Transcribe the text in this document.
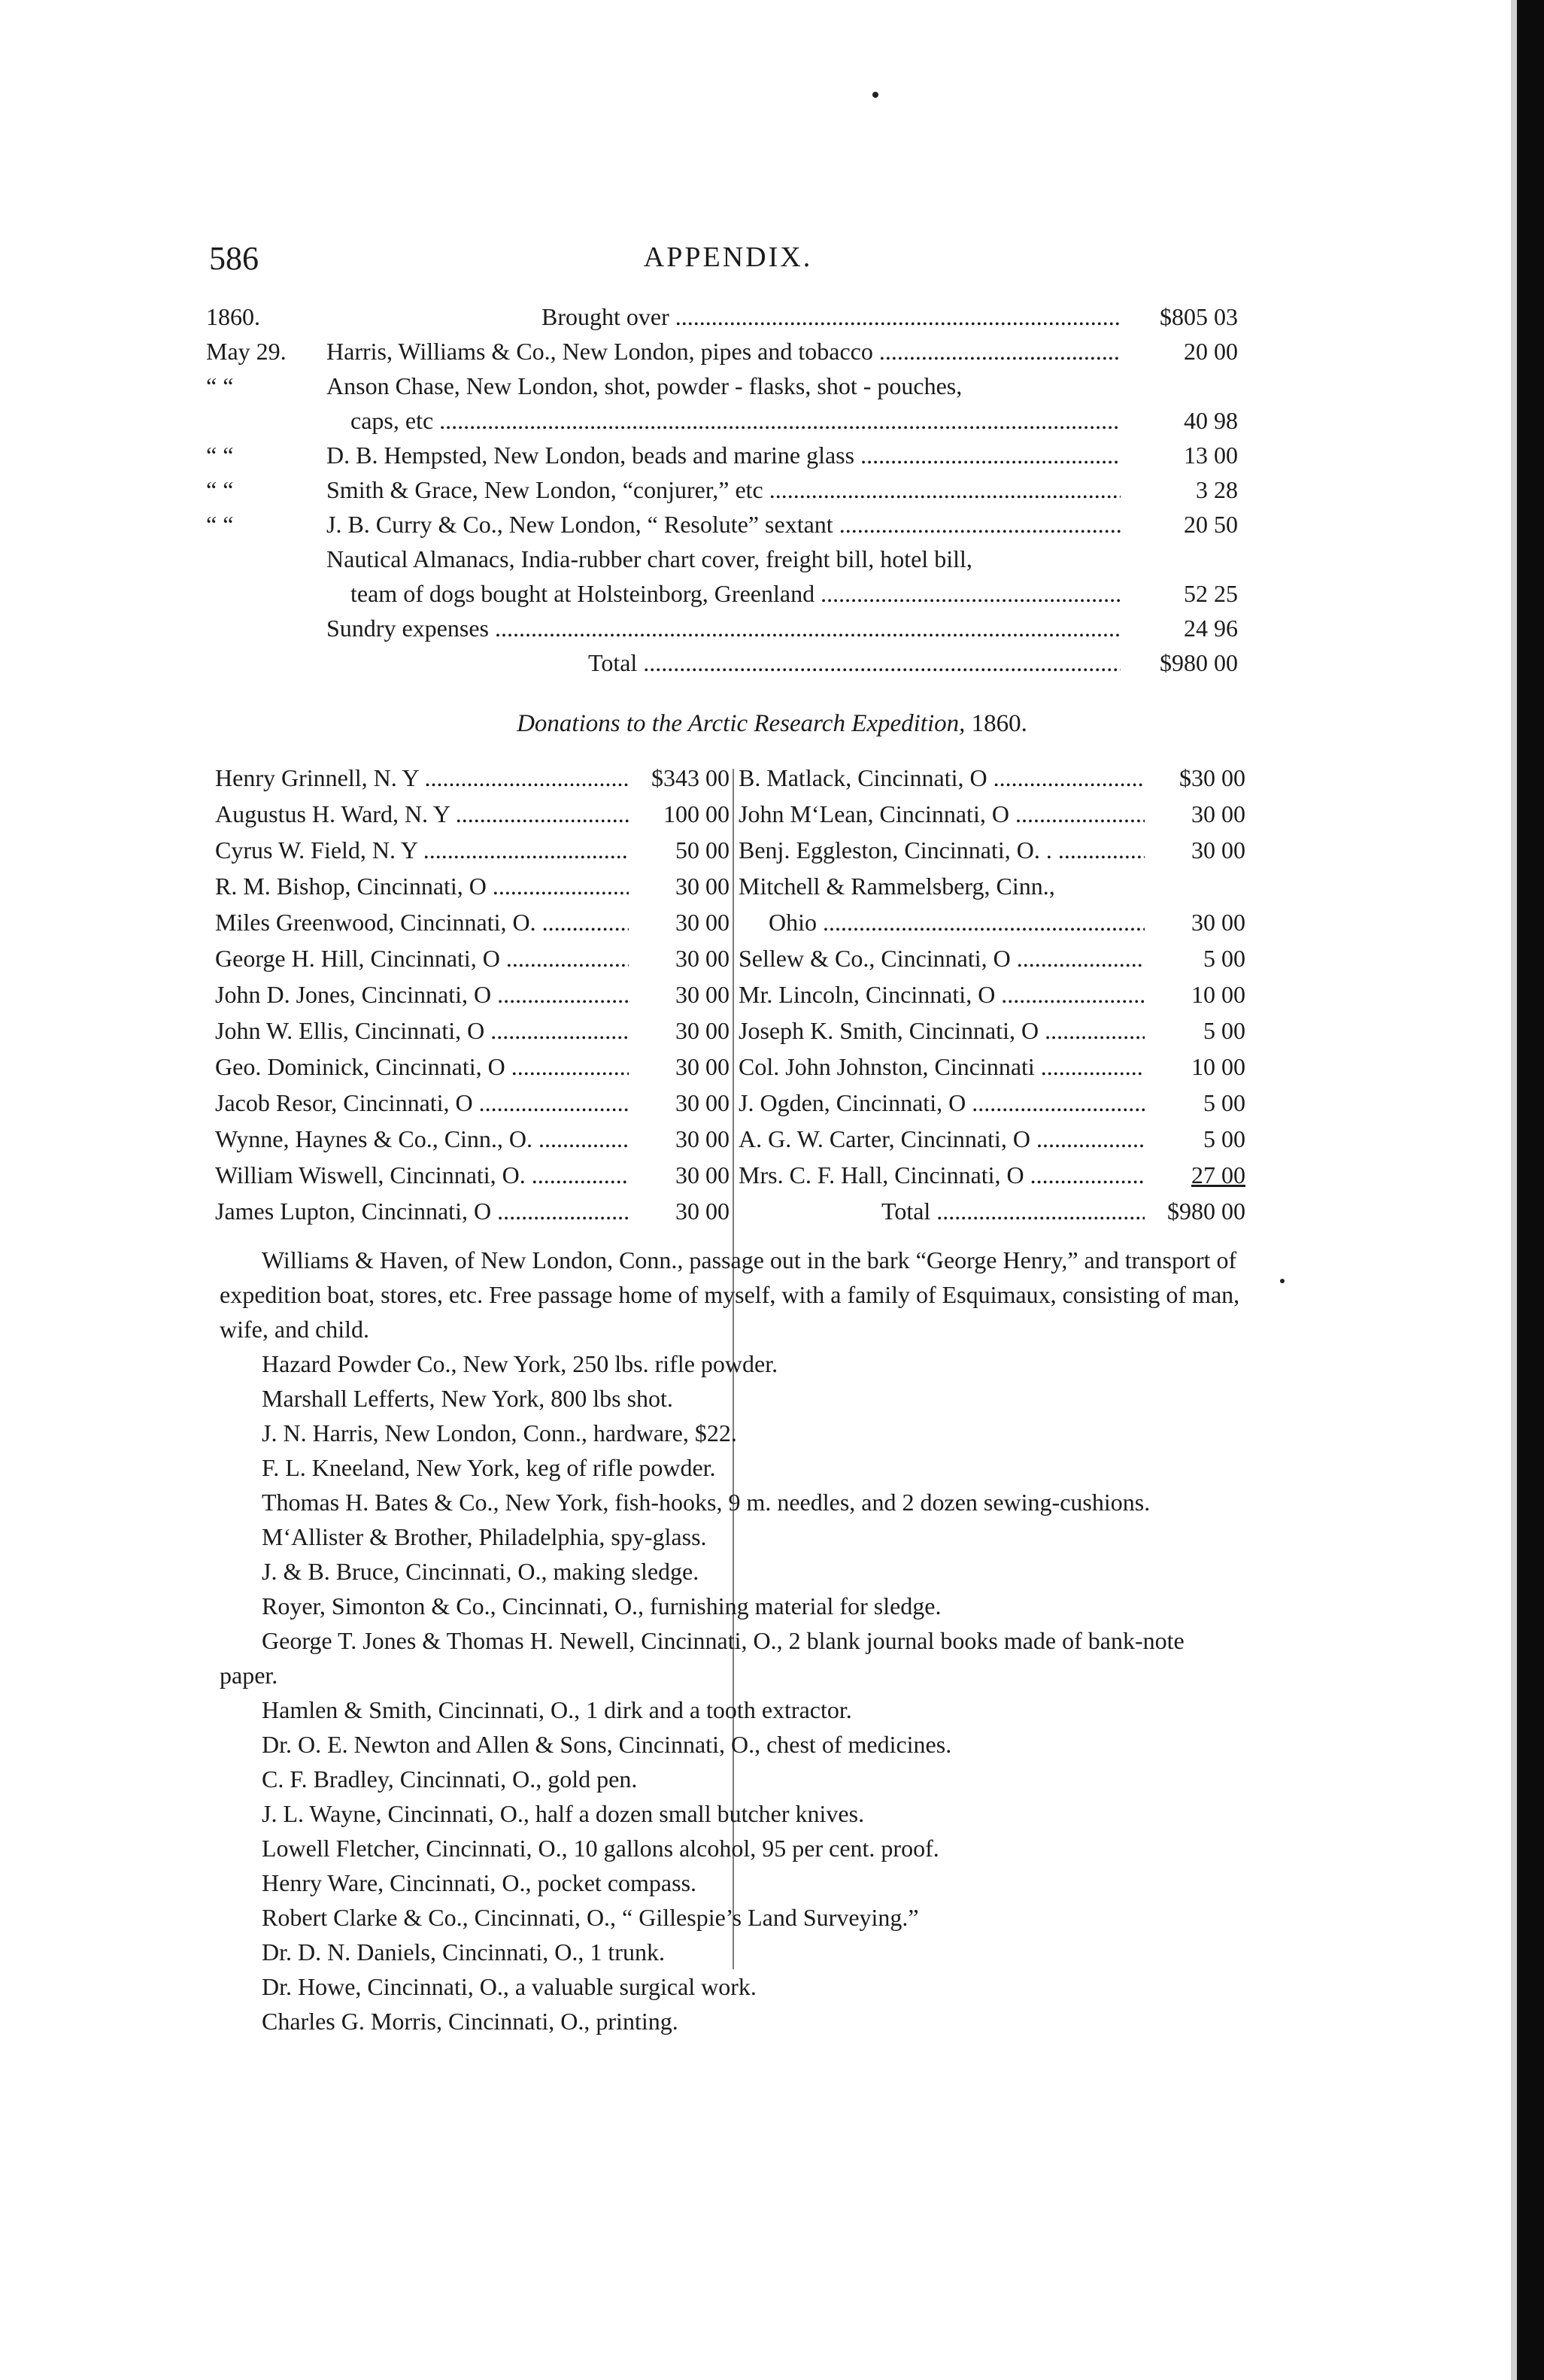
586	APPENDIX.
1860.	Brought over .....	$805 03
May 29. Harris, Williams & Co., New London, pipes and tobacco .....	20 00
“ “	Anson Chase, New London, shot, powder - flasks, shot - pouches,
caps, etc .....	40 98
“ “	D. B. Hempsted, New London, beads and marine glass .....	13 00
“ “	Smith & Grace, New London, “conjurer,” etc .....	3 28
“ “	J. B. Curry & Co., New London, “ Resolute” sextant .....	20 50
Nautical Almanacs, India-rubber chart cover, freight bill, hotel bill,
team of dogs bought at Holsteinborg, Greenland .....	52 25
Sundry expenses .....	24 96
Total .....	$980 00
Donations to the Arctic Research Expedition, 1860.
Henry Grinnell, N. Y .....	$343 00
Augustus H. Ward, N. Y .....	100 00
Cyrus W. Field, N. Y .....	50 00
R. M. Bishop, Cincinnati, O .....	30 00
Miles Greenwood, Cincinnati, O. .....	30 00
George H. Hill, Cincinnati, O .....	30 00
John D. Jones, Cincinnati, O .....	30 00
John W. Ellis, Cincinnati, O .....	30 00
Geo. Dominick, Cincinnati, O .....	30 00
Jacob Resor, Cincinnati, O .....	30 00
Wynne, Haynes & Co., Cinn., O. .....	30 00
William Wiswell, Cincinnati, O. .....	30 00
James Lupton, Cincinnati, O .....	30 00
B. Matlack, Cincinnati, O .....	$30 00
John M‘Lean, Cincinnati, O .....	30 00
Benj. Eggleston, Cincinnati, O. . .....	30 00
Mitchell & Rammelsberg, Cinn.,
Ohio .....	30 00
Sellew & Co., Cincinnati, O .....	5 00
Mr. Lincoln, Cincinnati, O .....	10 00
Joseph K. Smith, Cincinnati, O .....	5 00
Col. John Johnston, Cincinnati .....	10 00
J. Ogden, Cincinnati, O .....	5 00
A. G. W. Carter, Cincinnati, O .....	5 00
Mrs. C. F. Hall, Cincinnati, O .....	27 00
Total .....	$980 00

Williams & Haven, of New London, Conn., passage out in the bark “George Henry,” and transport of expedition boat, stores, etc. Free passage home of myself, with a family of Esquimaux, consisting of man, wife, and child.

Hazard Powder Co., New York, 250 lbs. rifle powder.

Marshall Lefferts, New York, 800 lbs shot.

J. N. Harris, New London, Conn., hardware, $22.

F. L. Kneeland, New York, keg of rifle powder.

Thomas H. Bates & Co., New York, fish-hooks, 9 m. needles, and 2 dozen sewing-cushions.

M‘Allister & Brother, Philadelphia, spy-glass.

J. & B. Bruce, Cincinnati, O., making sledge.

Royer, Simonton & Co., Cincinnati, O., furnishing material for sledge.

George T. Jones & Thomas H. Newell, Cincinnati, O., 2 blank journal books made of bank-note paper.

Hamlen & Smith, Cincinnati, O., 1 dirk and a tooth extractor.

Dr. O. E. Newton and Allen & Sons, Cincinnati, O., chest of medicines.

C. F. Bradley, Cincinnati, O., gold pen.

J. L. Wayne, Cincinnati, O., half a dozen small butcher knives.

Lowell Fletcher, Cincinnati, O., 10 gallons alcohol, 95 per cent. proof.

Henry Ware, Cincinnati, O., pocket compass.

Robert Clarke & Co., Cincinnati, O., “ Gillespie’s Land Surveying.”

Dr. D. N. Daniels, Cincinnati, O., 1 trunk.

Dr. Howe, Cincinnati, O., a valuable surgical work.

Charles G. Morris, Cincinnati, O., printing.
